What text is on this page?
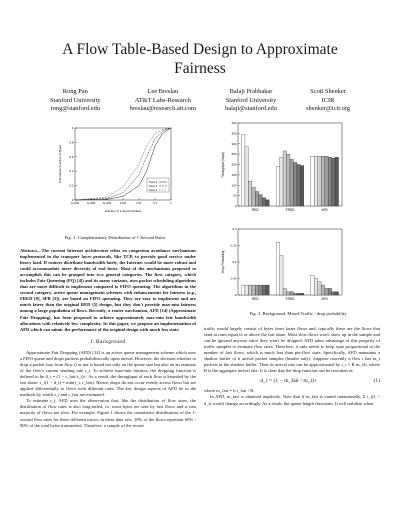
A Flow Table-Based Design to Approximate
Fairness
Rong Pan
Stanford University
rong@stanford.edu
Lee Breslau
AT&T Labs-Research
breslau@research.att.com
Balaji Prabhakar
Stanford University
balaji@stanford.edu
Scott Shenker
ICIR
shenker@icir.org
1
0.8
0.6
0.4
0.2
0
1e-006	1e-005	1e-004	0.001	0.01	0.1	1
Trace 1
Trace 2
Trace 3
Cumulative Fraction of Bytes
Fraction of 1-Second Rates
Fig. 1. Complementary Distribution of 1-Second Rates
400
350
300
250
200
150
100
50
0
RED	FRED	AFD
Throughput (kbps)
0.2
0.15
0.1
0.05
0
RED	FRED	AFD
Drop Probability
Fig. 3. Background: Mixed Traffic - drop probability
Abstract—The current Internet architecture relies on congestion avoidance mechanisms implemented in the transport layer protocols, like TCP, to provide good service under heavy load. If routers distribute bandwidth fairly, the Internet would be more robust and could accommodate more diversity of end hosts. Most of the mechanisms proposed to accomplish this can be grouped into two general categories. The first category, which includes Fair Queueing (FQ) [4]) and its many variants, uses packet scheduling algorithms that are more difficult to implement compared to FIFO queueing. The algorithms in the second category, active queue management schemes with enhancements for fairness (e.g., FRED [8], SFB [3]), are based on FIFO queueing. They are easy to implement and are much fairer than the original RED [5] design, but they don't provide max-min fairness among a large population of flows. Recently, a router mechanism, AFD [14] (Approximate Fair Dropping), has been proposed to achieve approximately max-min fair bandwidth allocations with relatively low complexity. In this paper, we propose an implementation of AFD which can mimic the performance of the original design with much less state.
I. Background

Approximate Fair Dropping (AFD) [14] is an active queue management scheme which uses a FIFO queue and drops packets probabilistically upon arrival. However, the decision whether to drop a packet (say from flow i) or not is based not only on the queue size but also on an estimate of the flow's current sending rate r_i. To achieve max-min fairness, the dropping function is defined to be d_i = (1 − r_fair/r_i)+. As a result, the throughput of each flow is bounded by the fair share: r_i(1 − d_i) = min(r_i, r_fair). Hence, drops do not occur evenly across flows but are applied differentially to flows with different rates. The key design aspects of AFD lie in the methods by which r_i and r_fair are estimated.

To estimate r_i, AFD uses the observation that, like the distribution of flow sizes, the distribution of flow rates is also long-tailed, i.e. most bytes are sent by fast flows and a vast majority of flows are slow. For example, Figure 1 shows the cumulative distributions of the 1-second flow rates for three different traces; in these data sets, 10% of the flows represent 60% - 90% of the total bytes transmitted. Therefore, a sample of the recent

traffic would largely consist of bytes from faster flows and, typically these are the flows that send at rates equal to or above the fair share. Most slow flows won't show up in the sample and can be ignored anyway since they won't be dropped. AFD takes advantage of this property of traffic samples to estimate flow rates. Therefore, it only needs to keep state proportional to the number of fast flows, which is much less than per-flow state. Specifically, AFD maintains a shadow buffer of b arrival packet samples (header only). Suppose currently a flow i has m_i packets in the shadow buffer. Then its arrival rate can be approximated by r_i ≈ R m_i/b, where R is the aggregate arrival rate. It is clear that the drop function can be rewritten as

d_i = (1 − m_fair / m_i)+	(1)

where m_fair = b r_fair / R.

In AFD, m_fair is obtained implicitly. Note that if m_fair is varied intentionally, Σ r_i(1 − d_i) would change accordingly. As a result, the queue length fluctuates. It will stabilize when
